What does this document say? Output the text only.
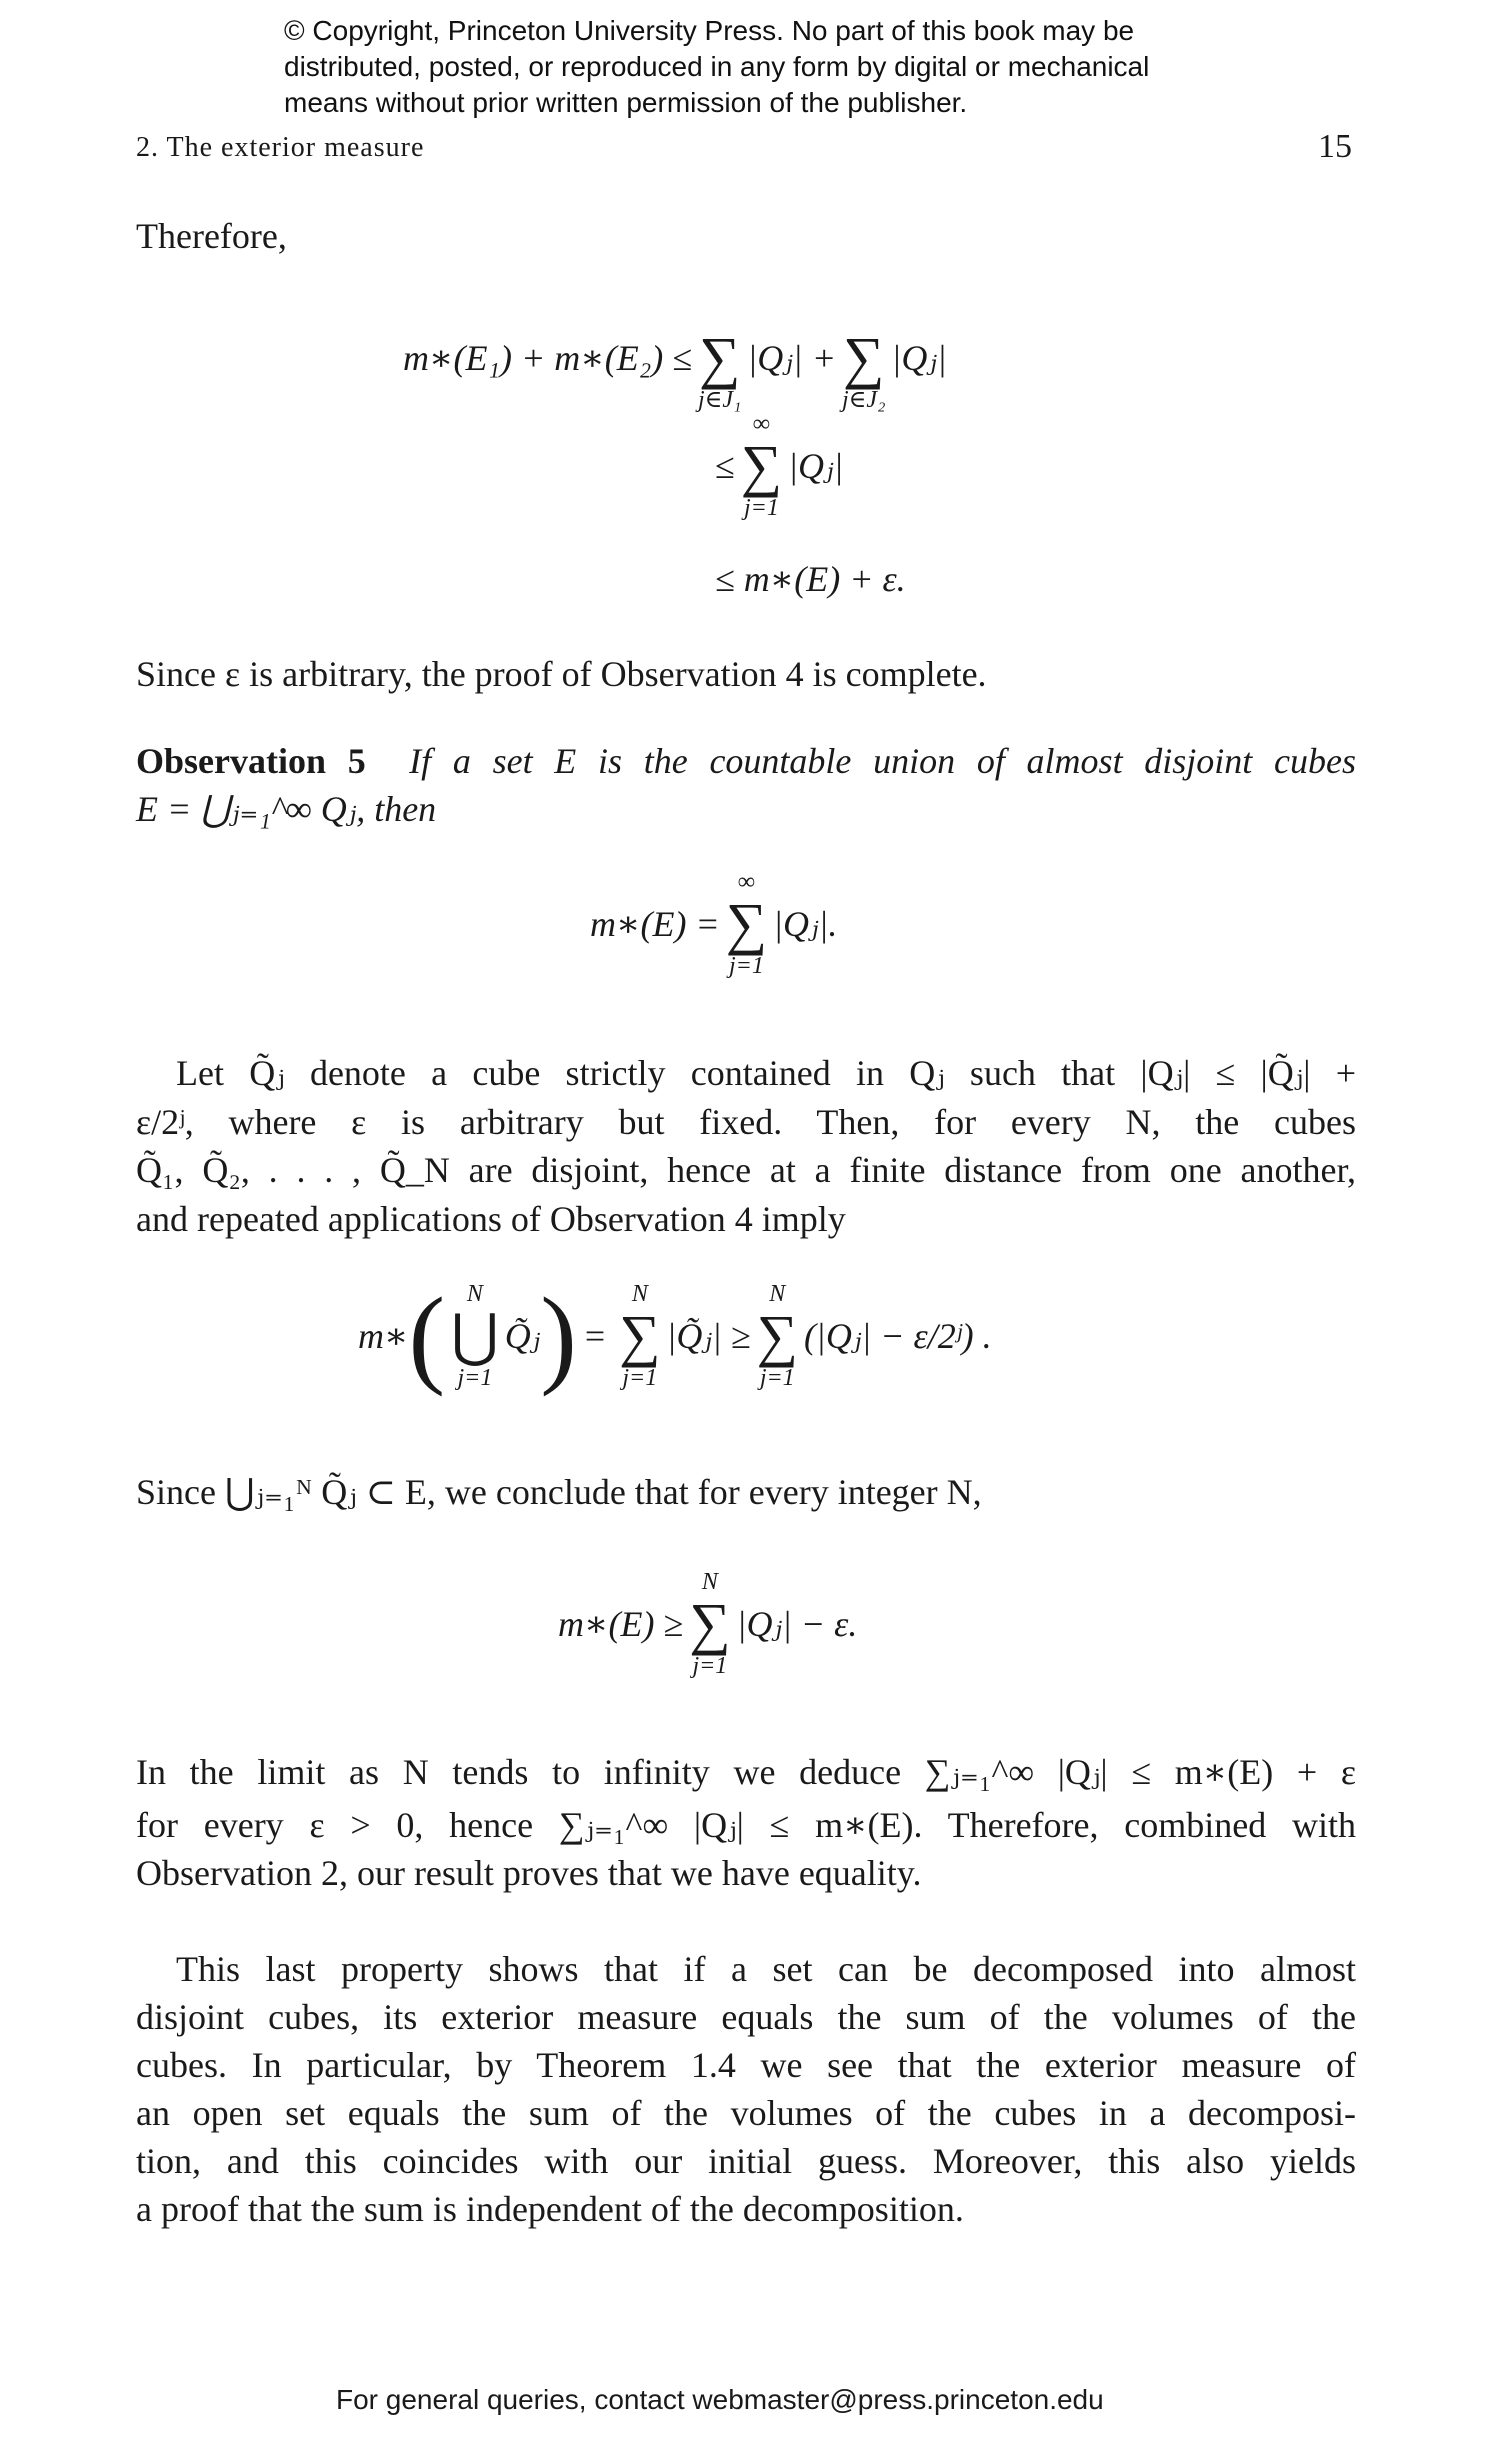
© Copyright, Princeton University Press. No part of this book may be
distributed, posted, or reproduced in any form by digital or mechanical
means without prior written permission of the publisher.
2. The exterior measure	15
Therefore,
m∗(E₁) + m∗(E₂) ≤ ∑
j∈J₁
|Qⱼ| + ∑
j∈J₂
|Qⱼ|
≤
∞
∑
j=1
|Qⱼ|
≤ m∗(E) + ε.
Since ε is arbitrary, the proof of Observation 4 is complete.
Observation 5 If a set E is the countable union of almost disjoint cubes
E = ⋃ⱼ₌₁^∞ Qⱼ, then
m∗(E) =
∞
∑
j=1
|Qⱼ|.
Let Q̃ⱼ denote a cube strictly contained in Qⱼ such that |Qⱼ| ≤ |Q̃ⱼ| +
ε/2ʲ, where ε is arbitrary but fixed. Then, for every N, the cubes
Q̃₁, Q̃₂, . . . , Q̃_N are disjoint, hence at a finite distance from one another,
and repeated applications of Observation 4 imply
m∗ ( N
⋃
j=1
Q̃ⱼ ) =
N
∑
j=1
|Q̃ⱼ| ≥
N
∑
j=1
(|Qⱼ| − ε/2ʲ) .
Since ⋃ⱼ₌₁ᴺ Q̃ⱼ ⊂ E, we conclude that for every integer N,
m∗(E) ≥
N
∑
j=1
|Qⱼ| − ε.
In the limit as N tends to infinity we deduce ∑ⱼ₌₁^∞ |Qⱼ| ≤ m∗(E) + ε
for every ε > 0, hence ∑ⱼ₌₁^∞ |Qⱼ| ≤ m∗(E). Therefore, combined with
Observation 2, our result proves that we have equality.
This last property shows that if a set can be decomposed into almost
disjoint cubes, its exterior measure equals the sum of the volumes of the
cubes. In particular, by Theorem 1.4 we see that the exterior measure of
an open set equals the sum of the volumes of the cubes in a decomposi-
tion, and this coincides with our initial guess. Moreover, this also yields
a proof that the sum is independent of the decomposition.
For general queries, contact webmaster@press.princeton.edu
